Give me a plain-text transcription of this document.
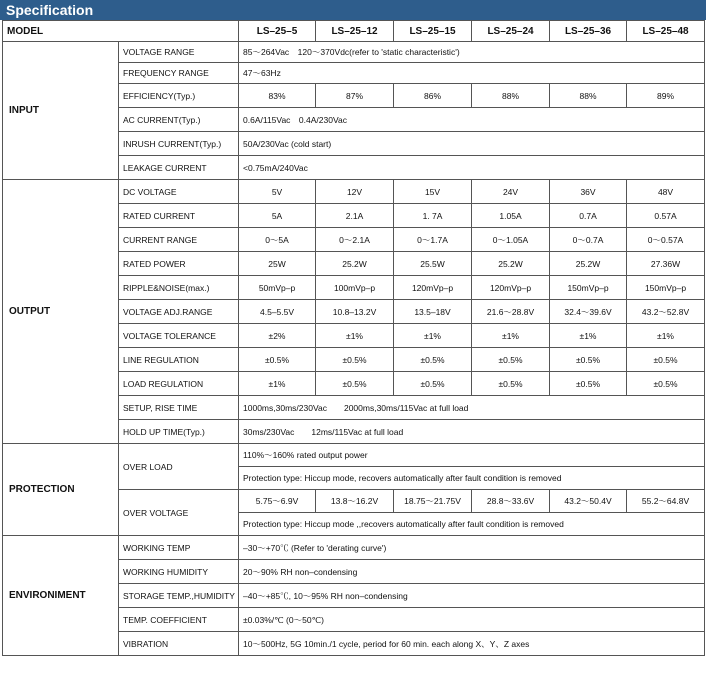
Specification
MODEL		LS–25–5	LS–25–12	LS–25–15	LS–25–24	LS–25–36	LS–25–48
INPUT	VOLTAGE RANGE	85～264Vac　120～370Vdc(refer to 'static characteristic')					
	FREQUENCY RANGE	47～63Hz					
	EFFICIENCY(Typ.)	83%	87%	86%	88%	88%	89%
	AC CURRENT(Typ.)	0.6A/115Vac　0.4A/230Vac					
	INRUSH CURRENT(Typ.)	50A/230Vac (cold start)					
	LEAKAGE CURRENT	<0.75mA/240Vac					
OUTPUT	DC VOLTAGE	5V	12V	15V	24V	36V	48V
	RATED CURRENT	5A	2.1A	1. 7A	1.05A	0.7A	0.57A
	CURRENT RANGE	0～5A	0～2.1A	0～1.7A	0～1.05A	0～0.7A	0～0.57A
	RATED POWER	25W	25.2W	25.5W	25.2W	25.2W	27.36W
	RIPPLE&NOISE(max.)	50mVp–p	100mVp–p	120mVp–p	120mVp–p	150mVp–p	150mVp–p
	VOLTAGE ADJ.RANGE	4.5–5.5V	10.8–13.2V	13.5–18V	21.6～28.8V	32.4～39.6V	43.2～52.8V
	VOLTAGE TOLERANCE	±2%	±1%	±1%	±1%	±1%	±1%
	LINE REGULATION	±0.5%	±0.5%	±0.5%	±0.5%	±0.5%	±0.5%
	LOAD REGULATION	±1%	±0.5%	±0.5%	±0.5%	±0.5%	±0.5%
	SETUP, RISE TIME	1000ms,30ms/230Vac　　2000ms,30ms/115Vac at full load					
	HOLD UP TIME(Typ.)	30ms/230Vac　　12ms/115Vac at full load					
PROTECTION	OVER LOAD	110%～160% rated output power					
		Protection type: Hiccup mode, recovers automatically after fault condition is removed					
	OVER VOLTAGE	5.75～6.9V	13.8～16.2V	18.75～21.75V	28.8～33.6V	43.2～50.4V	55.2～64.8V
		Protection type: Hiccup mode ,,recovers automatically after fault condition is removed					
ENVIRONIMENT	WORKING TEMP	–30～+70℃ (Refer to 'derating curve')					
	WORKING HUMIDITY	20～90% RH non–condensing					
	STORAGE TEMP.,HUMIDITY	–40～+85℃, 10～95% RH non–condensing					
	TEMP. COEFFICIENT	±0.03%/℃ (0～50℃)					
	VIBRATION	10～500Hz, 5G 10min./1 cycle, period for 60 min. each along X、Y、Z axes					
